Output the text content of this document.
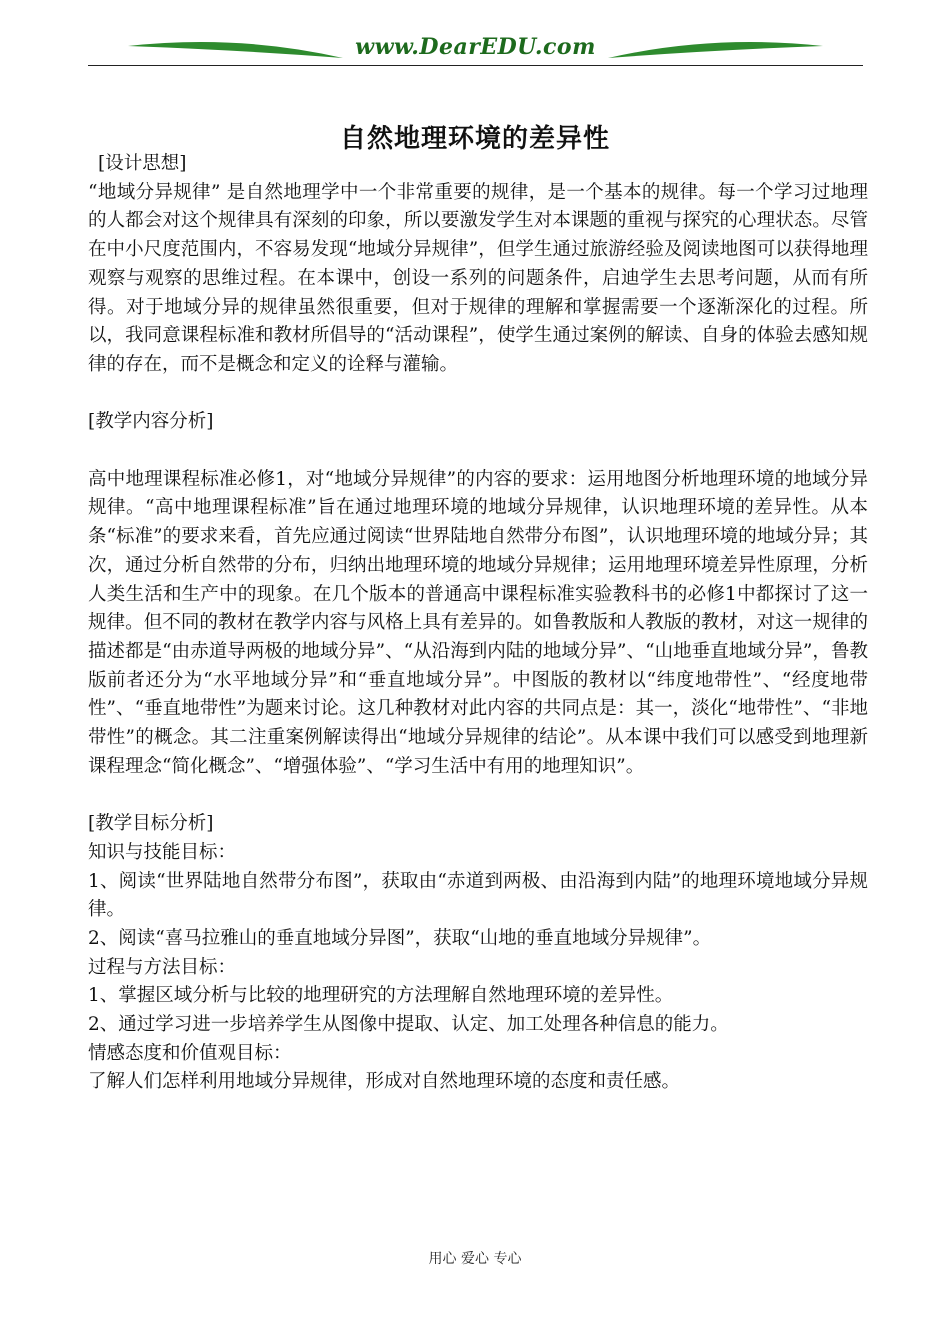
www.DearEDU.com
自然地理环境的差异性

[设计思想]

“地域分异规律” 是自然地理学中一个非常重要的规律，是一个基本的规律。每一个学习过地理的人都会对这个规律具有深刻的印象，所以要激发学生对本课题的重视与探究的心理状态。尽管在中小尺度范围内，不容易发现“地域分异规律”，但学生通过旅游经验及阅读地图可以获得地理观察与观察的思维过程。在本课中，创设一系列的问题条件，启迪学生去思考问题，从而有所得。对于地域分异的规律虽然很重要，但对于规律的理解和掌握需要一个逐渐深化的过程。所以，我同意课程标准和教材所倡导的“活动课程”，使学生通过案例的解读、自身的体验去感知规律的存在，而不是概念和定义的诠释与灌输。

[教学内容分析]

高中地理课程标准必修1，对“地域分异规律”的内容的要求：运用地图分析地理环境的地域分异规律。“高中地理课程标准”旨在通过地理环境的地域分异规律，认识地理环境的差异性。从本条“标准”的要求来看，首先应通过阅读“世界陆地自然带分布图”，认识地理环境的地域分异；其次，通过分析自然带的分布，归纳出地理环境的地域分异规律；运用地理环境差异性原理，分析人类生活和生产中的现象。在几个版本的普通高中课程标准实验教科书的必修1中都探讨了这一规律。但不同的教材在教学内容与风格上具有差异的。如鲁教版和人教版的教材，对这一规律的描述都是“由赤道导两极的地域分异”、“从沿海到内陆的地域分异”、“山地垂直地域分异”，鲁教版前者还分为“水平地域分异”和“垂直地域分异”。中图版的教材以“纬度地带性”、“经度地带性”、“垂直地带性”为题来讨论。这几种教材对此内容的共同点是：其一，淡化“地带性”、“非地带性”的概念。其二注重案例解读得出“地域分异规律的结论”。从本课中我们可以感受到地理新课程理念“简化概念”、“增强体验”、“学习生活中有用的地理知识”。

[教学目标分析]

知识与技能目标：

1、阅读“世界陆地自然带分布图”，获取由“赤道到两极、由沿海到内陆”的地理环境地域分异规律。

2、阅读“喜马拉雅山的垂直地域分异图”，获取“山地的垂直地域分异规律”。

过程与方法目标：

1、掌握区域分析与比较的地理研究的方法理解自然地理环境的差异性。

2、通过学习进一步培养学生从图像中提取、认定、加工处理各种信息的能力。

情感态度和价值观目标：

了解人们怎样利用地域分异规律，形成对自然地理环境的态度和责任感。

用心 爱心 专心
